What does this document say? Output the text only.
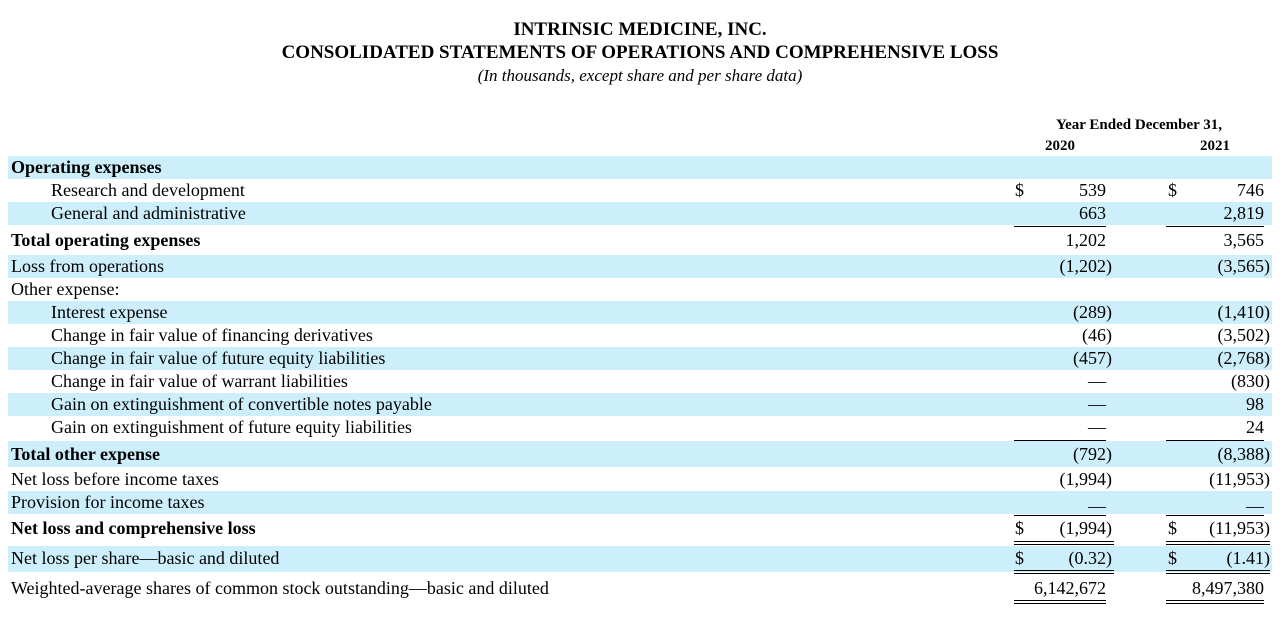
INTRINSIC MEDICINE, INC.
CONSOLIDATED STATEMENTS OF OPERATIONS AND COMPREHENSIVE LOSS
(In thousands, except share and per share data)
Year Ended December 31,
2020	2021
Operating expenses
Research and development	$	539	$	746
General and administrative	663	2,819
Total operating expenses	1,202	3,565
Loss from operations	(1,202)	(3,565)
Other expense:
Interest expense	(289)	(1,410)
Change in fair value of financing derivatives	(46)	(3,502)
Change in fair value of future equity liabilities	(457)	(2,768)
Change in fair value of warrant liabilities	—	(830)
Gain on extinguishment of convertible notes payable	—	98
Gain on extinguishment of future equity liabilities	—	24
Total other expense	(792)	(8,388)
Net loss before income taxes	(1,994)	(11,953)
Provision for income taxes	—	—
Net loss and comprehensive loss	$	(1,994)	$	(11,953)
Net loss per share—basic and diluted	$	(0.32)	$	(1.41)
Weighted-average shares of common stock outstanding—basic and diluted	6,142,672	8,497,380
